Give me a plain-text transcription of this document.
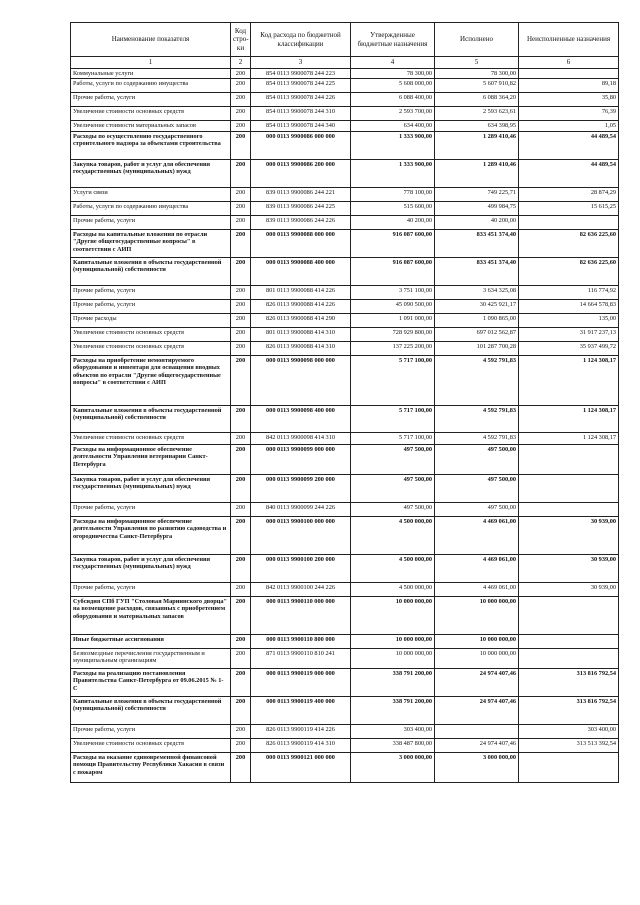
Наименование показателя	Код стро-ки	Код расхода по бюджетной классификации	Утвержденные бюджетные назначения	Исполнено	Неисполненные назначения
1	2	3	4	5	6
Коммунальные услуги	200	854 0113 9900078 244 223	78 300,00	78 300,00	
Работы, услуги по содержанию имущества	200	854 0113 9900078 244 225	5 608 000,00	5 607 910,82	89,18
Прочие работы, услуги	200	854 0113 9900078 244 226	6 088 400,00	6 088 364,20	35,80
Увеличение стоимости основных средств	200	854 0113 9900078 244 310	2 593 700,00	2 593 623,61	76,39
Увеличение стоимости материальных запасов	200	854 0113 9900078 244 340	634 400,00	634 398,95	1,05
Расходы по осуществлению государственного строительного надзора за объектами строительства	200	000 0113 9900086 000 000	1 333 900,00	1 289 410,46	44 489,54
Закупка товаров, работ и услуг для обеспечения государственных (муниципальных) нужд	200	000 0113 9900086 200 000	1 333 900,00	1 289 410,46	44 489,54
Услуги связи	200	839 0113 9900086 244 221	778 100,00	749 225,71	28 874,29
Работы, услуги по содержанию имущества	200	839 0113 9900086 244 225	515 600,00	499 984,75	15 615,25
Прочие работы, услуги	200	839 0113 9900086 244 226	40 200,00	40 200,00	
Расходы на капитальные вложения по отрасли "Другие общегосударственные вопросы" в соответствии с АИП	200	000 0113 9900088 000 000	916 087 600,00	833 451 374,40	82 636 225,60
Капитальные вложения в объекты государственной (муниципальной) собственности	200	000 0113 9900088 400 000	916 087 600,00	833 451 374,40	82 636 225,60
Прочие работы, услуги	200	801 0113 9900088 414 226	3 751 100,00	3 634 325,08	116 774,92
Прочие работы, услуги	200	826 0113 9900088 414 226	45 090 500,00	30 425 921,17	14 664 578,83
Прочие расходы	200	826 0113 9900088 414 290	1 091 000,00	1 090 865,00	135,00
Увеличение стоимости основных средств	200	801 0113 9900088 414 310	728 929 800,00	697 012 562,87	31 917 237,13
Увеличение стоимости основных средств	200	826 0113 9900088 414 310	137 225 200,00	101 287 700,28	35 937 499,72
Расходы на приобретение немонтируемого оборудования и инвентаря для оснащения вводных объектов по отрасли "Другие общегосударственные вопросы" в соответствии с АИП	200	000 0113 9900098 000 000	5 717 100,00	4 592 791,83	1 124 308,17
Капитальные вложения в объекты государственной (муниципальной) собственности	200	000 0113 9900098 400 000	5 717 100,00	4 592 791,83	1 124 308,17
Увеличение стоимости основных средств	200	842 0113 9900098 414 310	5 717 100,00	4 592 791,83	1 124 308,17
Расходы на информационное обеспечение деятельности Управления ветеринарии Санкт-Петербурга	200	000 0113 9900099 000 000	497 500,00	497 500,00	
Закупка товаров, работ и услуг для обеспечения государственных (муниципальных) нужд	200	000 0113 9900099 200 000	497 500,00	497 500,00	
Прочие работы, услуги	200	840 0113 9900099 244 226	497 500,00	497 500,00	
Расходы на информационное обеспечение деятельности Управления по развитию садоводства и огородничества Санкт-Петербурга	200	000 0113 9900100 000 000	4 500 000,00	4 469 061,00	30 939,00
Закупка товаров, работ и услуг для обеспечения государственных (муниципальных) нужд	200	000 0113 9900100 200 000	4 500 000,00	4 469 061,00	30 939,00
Прочие работы, услуги	200	842 0113 9900100 244 226	4 500 000,00	4 469 061,00	30 939,00
Субсидия СПб ГУП "Столовая Мариинского дворца" на возмещение расходов, связанных с приобретением оборудования и материальных запасов	200	000 0113 9900110 000 000	10 000 000,00	10 000 000,00	
Иные бюджетные ассигнования	200	000 0113 9900110 800 000	10 000 000,00	10 000 000,00	
Безвозмездные перечисления государственным и муниципальным организациям	200	871 0113 9900110 810 241	10 000 000,00	10 000 000,00	
Расходы на реализацию постановления Правительства Санкт-Петербурга от 09.06.2015 № 1-С	200	000 0113 9900119 000 000	338 791 200,00	24 974 407,46	313 816 792,54
Капитальные вложения в объекты государственной (муниципальной) собственности	200	000 0113 9900119 400 000	338 791 200,00	24 974 407,46	313 816 792,54
Прочие работы, услуги	200	826 0113 9900119 414 226	303 400,00		303 400,00
Увеличение стоимости основных средств	200	826 0113 9900119 414 310	338 487 800,00	24 974 407,46	313 513 392,54
Расходы на оказание единовременной финансовой помощи Правительству Республики Хакасия в связи с пожаром	200	000 0113 9900121 000 000	3 000 000,00	3 000 000,00	
